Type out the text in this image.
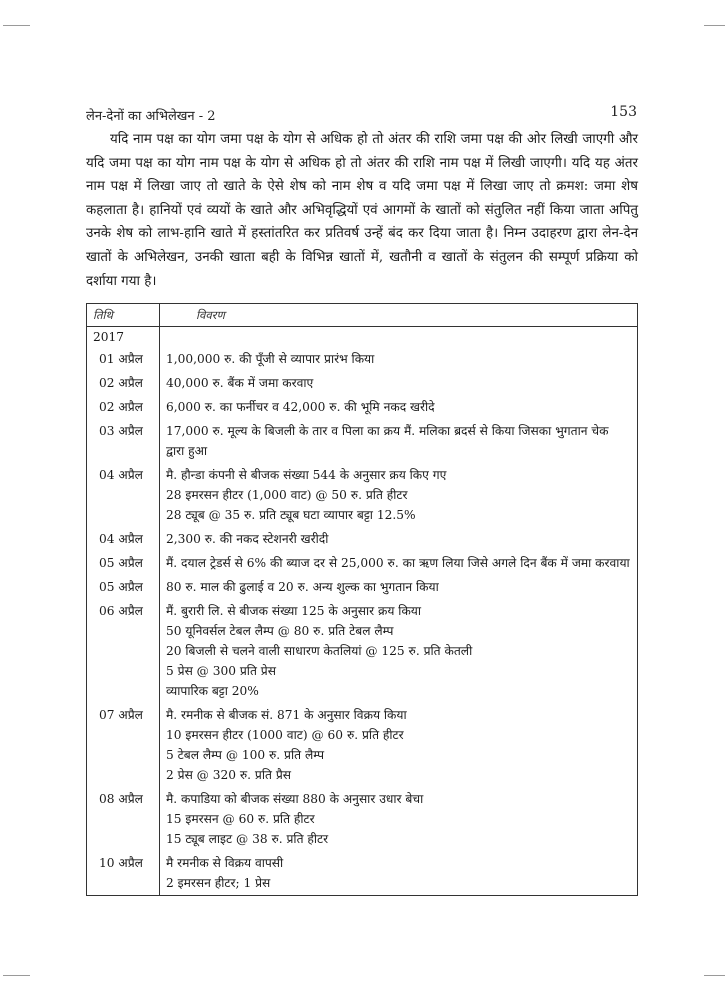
लेन-देनों का अभिलेखन - 2	153

यदि नाम पक्ष का योग जमा पक्ष के योग से अधिक हो तो अंतर की राशि जमा पक्ष की ओर लिखी जाएगी और यदि जमा पक्ष का योग नाम पक्ष के योग से अधिक हो तो अंतर की राशि नाम पक्ष में लिखी जाएगी। यदि यह अंतर नाम पक्ष में लिखा जाए तो खाते के ऐसे शेष को नाम शेष व यदि जमा पक्ष में लिखा जाए तो क्रमश: जमा शेष कहलाता है। हानियों एवं व्ययों के खाते और अभिवृद्धियों एवं आगमों के खातों को संतुलित नहीं किया जाता अपितु उनके शेष को लाभ-हानि खाते में हस्तांतरित कर प्रतिवर्ष उन्हें बंद कर दिया जाता है। निम्न उदाहरण द्वारा लेन-देन खातों के अभिलेखन, उनकी खाता बही के विभिन्न खातों में, खतौनी व खातों के संतुलन की सम्पूर्ण प्रक्रिया को दर्शाया गया है।

तिथि	विवरण
2017	
01 अप्रैल	1,00,000 रु. की पूँजी से व्यापार प्रारंभ किया

02 अप्रैल	40,000 रु. बैंक में जमा करवाए

02 अप्रैल	6,000 रु. का फर्नीचर व 42,000 रु. की भूमि नकद खरीदे

03 अप्रैल	17,000 रु. मूल्य के बिजली के तार व पिला का क्रय मैं. मलिका ब्रदर्स से किया जिसका भुगतान चेक
द्वारा हुआ

04 अप्रैल	मै. हौन्डा कंपनी से बीजक संख्या 544 के अनुसार क्रय किए गए
28 इमरसन हीटर (1,000 वाट) @ 50 रु. प्रति हीटर
28 ट्यूब @ 35 रु. प्रति ट्यूब घटा व्यापार बट्टा 12.5%

04 अप्रैल	2,300 रु. की नकद स्टेशनरी खरीदी

05 अप्रैल	मैं. दयाल ट्रेडर्स से 6% की ब्याज दर से 25,000 रु. का ऋण लिया जिसे अगले दिन बैंक में जमा करवाया

05 अप्रैल	80 रु. माल की ढुलाई व 20 रु. अन्य शुल्क का भुगतान किया

06 अप्रैल	मैं. बुरारी लि. से बीजक संख्या 125 के अनुसार क्रय किया
50 यूनिवर्सल टेबल लैम्प @ 80 रु. प्रति टेबल लैम्प
20 बिजली से चलने वाली साधारण केतलियां @ 125 रु. प्रति केतली
5 प्रेस @ 300 प्रति प्रेस
व्यापारिक बट्टा 20%

07 अप्रैल	मै. रमनीक से बीजक सं. 871 के अनुसार विक्रय किया
10 इमरसन हीटर (1000 वाट) @ 60 रु. प्रति हीटर
5 टेबल लैम्प @ 100 रु. प्रति लैम्प
2 प्रेस @ 320 रु. प्रति प्रैस

08 अप्रैल	मै. कपाडिया को बीजक संख्या 880 के अनुसार उधार बेचा
15 इमरसन @ 60 रु. प्रति हीटर
15 ट्यूब लाइट @ 38 रु. प्रति हीटर

10 अप्रैल	मै रमनीक से विक्रय वापसी
2 इमरसन हीटर; 1 प्रेस
